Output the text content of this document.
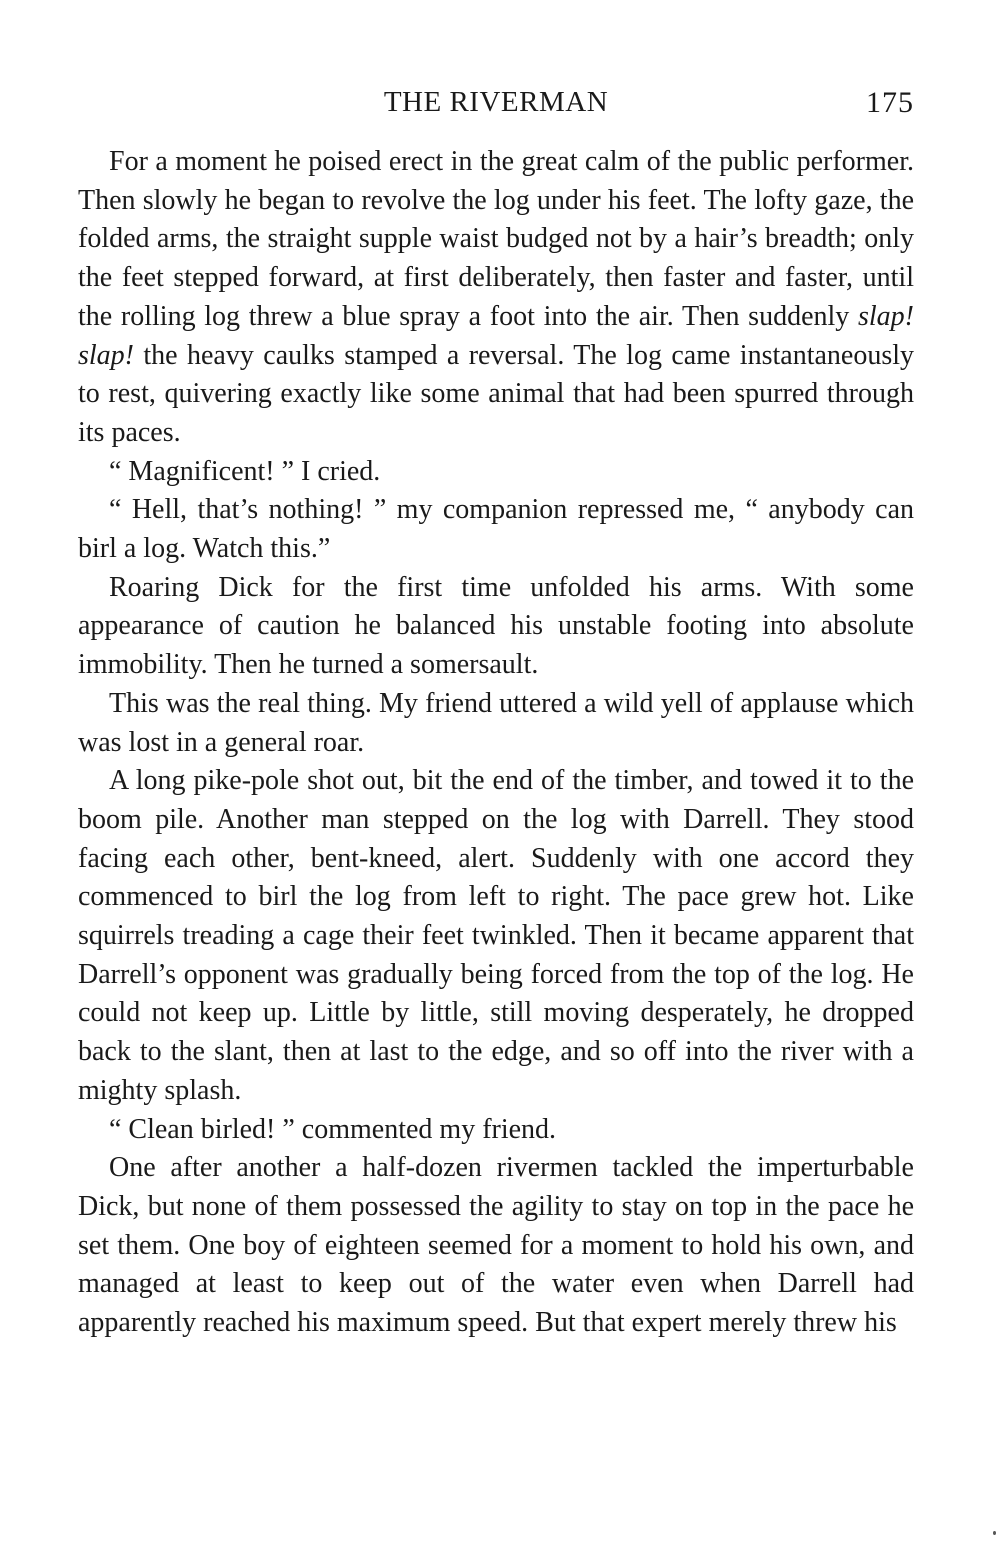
THE RIVERMAN	175

For a moment he poised erect in the great calm of the public performer. Then slowly he began to revolve the log under his feet. The lofty gaze, the folded arms, the straight supple waist budged not by a hair’s breadth; only the feet stepped forward, at first deliberately, then faster and faster, until the rolling log threw a blue spray a foot into the air. Then suddenly slap! slap! the heavy caulks stamped a reversal. The log came instantaneously to rest, quivering exactly like some animal that had been spurred through its paces.

“ Magnificent! ” I cried.

“ Hell, that’s nothing! ” my companion repressed me, “ anybody can birl a log. Watch this.”

Roaring Dick for the first time unfolded his arms. With some appearance of caution he balanced his unstable footing into absolute immobility. Then he turned a somersault.

This was the real thing. My friend uttered a wild yell of applause which was lost in a general roar.

A long pike-pole shot out, bit the end of the timber, and towed it to the boom pile. Another man stepped on the log with Darrell. They stood facing each other, bent-kneed, alert. Suddenly with one accord they commenced to birl the log from left to right. The pace grew hot. Like squirrels treading a cage their feet twinkled. Then it became apparent that Darrell’s opponent was gradually being forced from the top of the log. He could not keep up. Little by little, still moving desperately, he dropped back to the slant, then at last to the edge, and so off into the river with a mighty splash.

“ Clean birled! ” commented my friend.

One after another a half-dozen rivermen tackled the imperturbable Dick, but none of them possessed the agility to stay on top in the pace he set them. One boy of eighteen seemed for a moment to hold his own, and managed at least to keep out of the water even when Darrell had apparently reached his maximum speed. But that expert merely threw his
